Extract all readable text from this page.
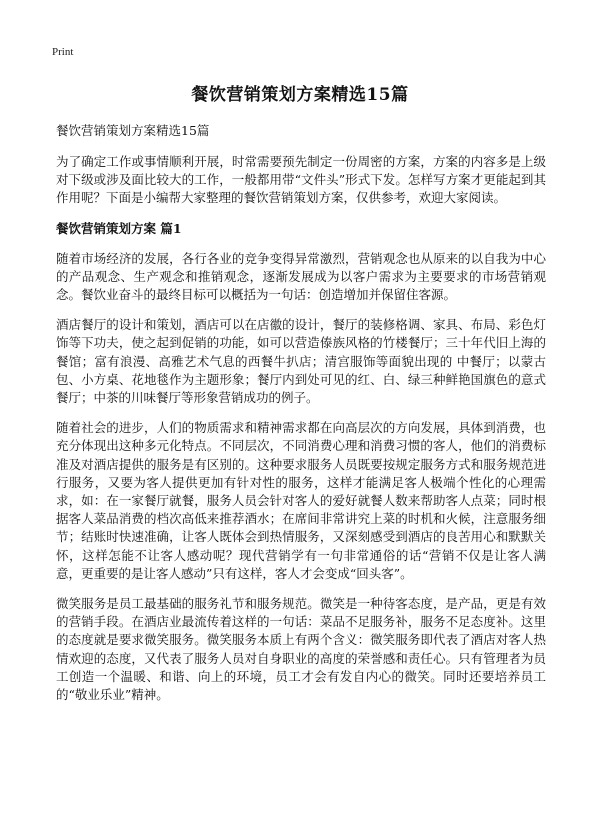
Print
餐饮营销策划方案精选15篇

餐饮营销策划方案精选15篇

为了确定工作或事情顺利开展，时常需要预先制定一份周密的方案，方案的内容多是上级对下级或涉及面比较大的工作，一般都用带“文件头”形式下发。怎样写方案才更能起到其作用呢？下面是小编帮大家整理的餐饮营销策划方案，仅供参考，欢迎大家阅读。

餐饮营销策划方案 篇1

随着市场经济的发展，各行各业的竞争变得异常激烈，营销观念也从原来的以自我为中心的产品观念、生产观念和推销观念，逐渐发展成为以客户需求为主要要求的市场营销观念。餐饮业奋斗的最终目标可以概括为一句话：创造增加并保留住客源。

酒店餐厅的设计和策划，酒店可以在店徽的设计，餐厅的装修格调、家具、布局、彩色灯饰等下功夫，使之起到促销的功能，如可以营造傣族风格的竹楼餐厅；三十年代旧上海的餐馆；富有浪漫、高雅艺术气息的西餐牛扒店；清宫服饰等面貌出现的 中餐厅；以蒙古包、小方桌、花地毯作为主题形象；餐厅内到处可见的红、白、绿三种鲜艳国旗色的意式餐厅；中茶的川味餐厅等形象营销成功的例子。

随着社会的进步，人们的物质需求和精神需求都在向高层次的方向发展，具体到消费，也充分体现出这种多元化特点。不同层次，不同消费心理和消费习惯的客人，他们的消费标准及对酒店提供的服务是有区别的。这种要求服务人员既要按规定服务方式和服务规范进行服务，又要为客人提供更加有针对性的服务，这样才能满足客人极端个性化的心理需求，如：在一家餐厅就餐，服务人员会针对客人的爱好就餐人数来帮助客人点菜；同时根据客人菜品消费的档次高低来推荐酒水；在席间非常讲究上菜的时机和火候，注意服务细节；结账时快速准确，让客人既体会到热情服务，又深刻感受到酒店的良苦用心和默默关怀，这样怎能不让客人感动呢？现代营销学有一句非常通俗的话“营销不仅是让客人满意，更重要的是让客人感动”只有这样，客人才会变成“回头客”。

微笑服务是员工最基础的服务礼节和服务规范。微笑是一种待客态度，是产品，更是有效的营销手段。在酒店业最流传着这样的一句话：菜品不足服务补，服务不足态度补。这里的态度就是要求微笑服务。微笑服务本质上有两个含义：微笑服务即代表了酒店对客人热情欢迎的态度，又代表了服务人员对自身职业的高度的荣誉感和责任心。只有管理者为员工创造一个温暖、和谐、向上的环境，员工才会有发自内心的微笑。同时还要培养员工的“敬业乐业”精神。
